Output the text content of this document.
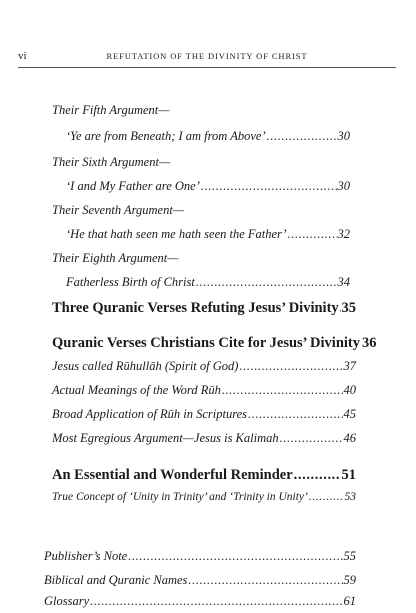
vi	REFUTATION OF THE DIVINITY OF CHRIST
Their Fifth Argument—
‘Ye are from Beneath; I am from Above’ .....	30
Their Sixth Argument—
‘I and My Father are One’ .....	30
Their Seventh Argument—
‘He that hath seen me hath seen the Father’ .....	32
Their Eighth Argument—
Fatherless Birth of Christ .....	34
Three Quranic Verses Refuting Jesus’ Divinity ..... 35
Quranic Verses Christians Cite for Jesus’ Divinity 36
Jesus called Rūhullāh (Spirit of God) .....	37
Actual Meanings of the Word Rūh .....	40
Broad Application of Rūh in Scriptures .....	45
Most Egregious Argument—Jesus is Kalimah .....	46
An Essential and Wonderful Reminder .....	51
True Concept of ‘Unity in Trinity’ and ‘Trinity in Unity’ .....	53
Publisher’s Note .....	55
Biblical and Quranic Names .....	59
Glossary .....	61
